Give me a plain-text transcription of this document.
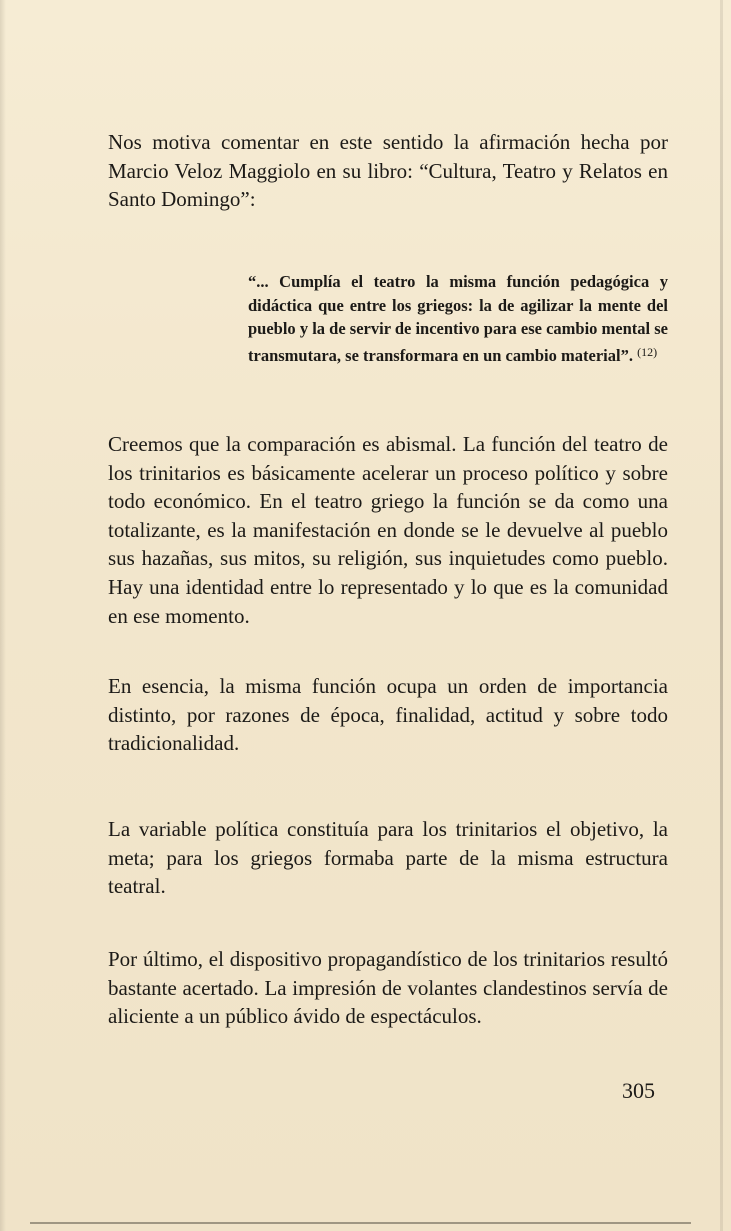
Nos motiva comentar en este sentido la afirmación hecha por Marcio Veloz Maggiolo en su libro: “Cultura, Teatro y Relatos en Santo Domingo”:

“... Cumplía el teatro la misma función pedagógica y didáctica que entre los griegos: la de agilizar la mente del pueblo y la de servir de incentivo para ese cambio mental se transmutara, se transformara en un cambio material”. $^{(12)}$

Creemos que la comparación es abismal. La función del teatro de los trinitarios es básicamente acelerar un proceso político y sobre todo económico. En el teatro griego la función se da como una totalizante, es la manifestación en donde se le devuelve al pueblo sus hazañas, sus mitos, su religión, sus inquietudes como pueblo. Hay una identidad entre lo representado y lo que es la comunidad en ese momento.

En esencia, la misma función ocupa un orden de importancia distinto, por razones de época, finalidad, actitud y sobre todo tradicionalidad.

La variable política constituía para los trinitarios el objetivo, la meta; para los griegos formaba parte de la misma estructura teatral.

Por último, el dispositivo propagandístico de los trinitarios resultó bastante acertado. La impresión de volantes clandestinos servía de aliciente a un público ávido de espectáculos.

305
